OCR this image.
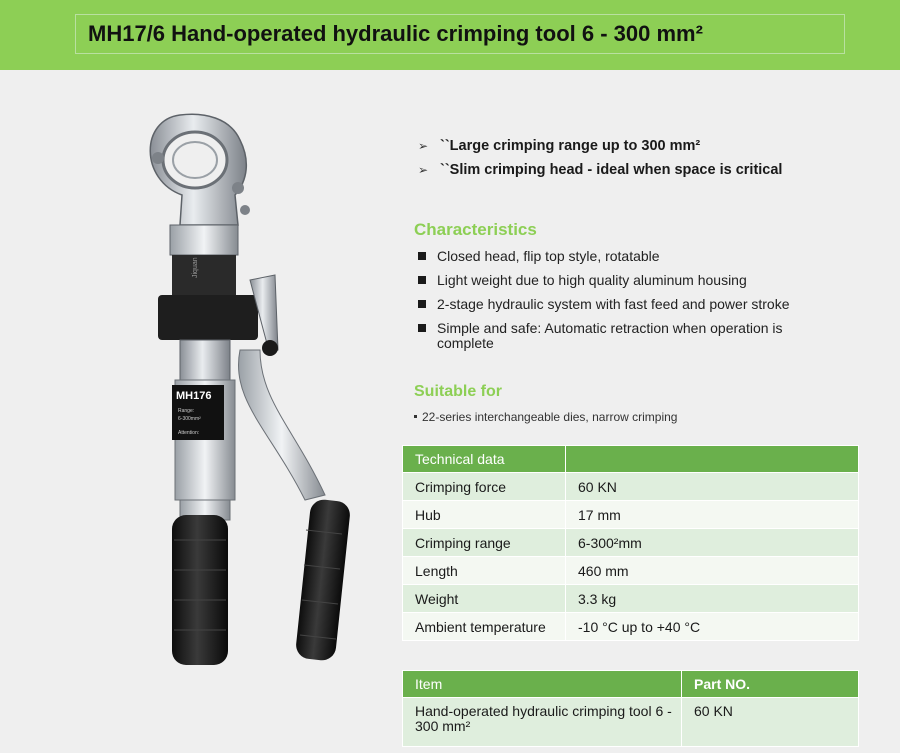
MH17/6 Hand-operated hydraulic crimping tool 6 - 300 mm²
Jiquan
MH176
Range:
6-300mm²
Attention:
➢ ``Large crimping range up to 300 mm²
➢ ``Slim crimping head - ideal when space is critical
Characteristics
Closed head, flip top style, rotatable
Light weight due to high quality aluminum housing
2-stage hydraulic system with fast feed and power stroke
Simple and safe: Automatic retraction when operation is complete
Suitable for
22-series interchangeable dies, narrow crimping
Technical data	
Crimping force	60 KN
Hub	17 mm
Crimping range	6-300²mm
Length	460 mm
Weight	3.3 kg
Ambient temperature	-10 °C up to +40 °C
Item	Part NO.
Hand-operated hydraulic crimping tool 6 - 300 mm²	60 KN
